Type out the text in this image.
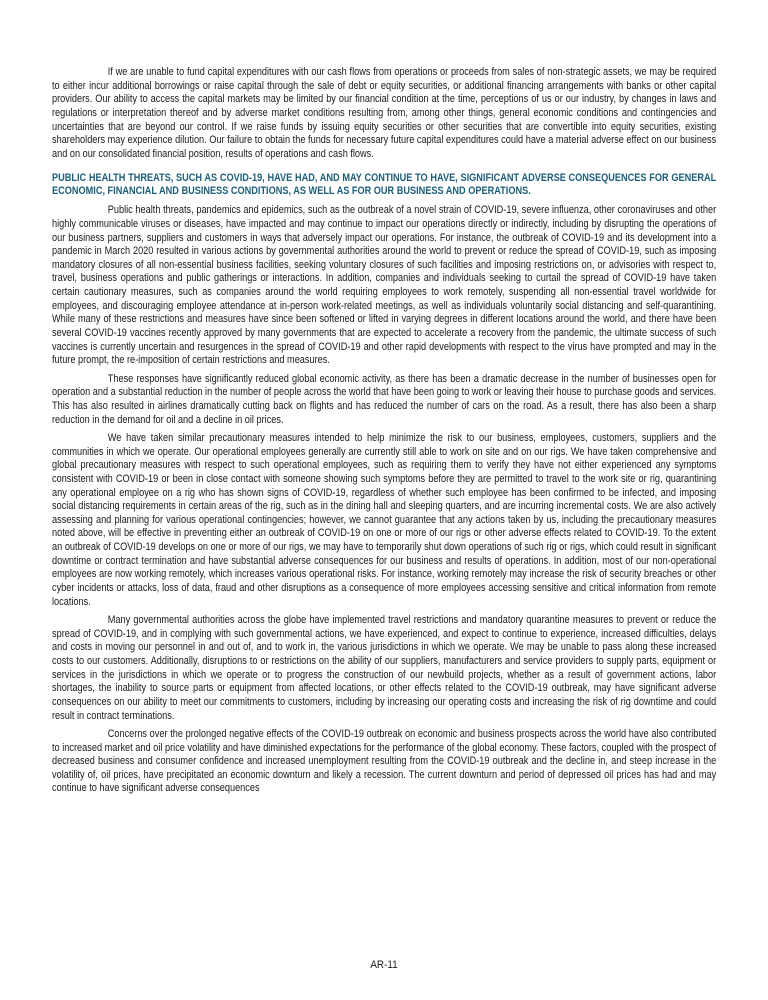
If we are unable to fund capital expenditures with our cash flows from operations or proceeds from sales of non-strategic assets, we may be required to either incur additional borrowings or raise capital through the sale of debt or equity securities, or additional financing arrangements with banks or other capital providers. Our ability to access the capital markets may be limited by our financial condition at the time, perceptions of us or our industry, by changes in laws and regulations or interpretation thereof and by adverse market conditions resulting from, among other things, general economic conditions and contingencies and uncertainties that are beyond our control. If we raise funds by issuing equity securities or other securities that are convertible into equity securities, existing shareholders may experience dilution. Our failure to obtain the funds for necessary future capital expenditures could have a material adverse effect on our business and on our consolidated financial position, results of operations and cash flows.

PUBLIC HEALTH THREATS, SUCH AS COVID-19, HAVE HAD, AND MAY CONTINUE TO HAVE, SIGNIFICANT ADVERSE CONSEQUENCES FOR GENERAL ECONOMIC, FINANCIAL AND BUSINESS CONDITIONS, AS WELL AS FOR OUR BUSINESS AND OPERATIONS.

Public health threats, pandemics and epidemics, such as the outbreak of a novel strain of COVID-19, severe influenza, other coronaviruses and other highly communicable viruses or diseases, have impacted and may continue to impact our operations directly or indirectly, including by disrupting the operations of our business partners, suppliers and customers in ways that adversely impact our operations. For instance, the outbreak of COVID-19 and its development into a pandemic in March 2020 resulted in various actions by governmental authorities around the world to prevent or reduce the spread of COVID-19, such as imposing mandatory closures of all non-essential business facilities, seeking voluntary closures of such facilities and imposing restrictions on, or advisories with respect to, travel, business operations and public gatherings or interactions. In addition, companies and individuals seeking to curtail the spread of COVID-19 have taken certain cautionary measures, such as companies around the world requiring employees to work remotely, suspending all non-essential travel worldwide for employees, and discouraging employee attendance at in-person work-related meetings, as well as individuals voluntarily social distancing and self-quarantining. While many of these restrictions and measures have since been softened or lifted in varying degrees in different locations around the world, and there have been several COVID-19 vaccines recently approved by many governments that are expected to accelerate a recovery from the pandemic, the ultimate success of such vaccines is currently uncertain and resurgences in the spread of COVID-19 and other rapid developments with respect to the virus have prompted and may in the future prompt, the re-imposition of certain restrictions and measures.

These responses have significantly reduced global economic activity, as there has been a dramatic decrease in the number of businesses open for operation and a substantial reduction in the number of people across the world that have been going to work or leaving their house to purchase goods and services. This has also resulted in airlines dramatically cutting back on flights and has reduced the number of cars on the road. As a result, there has also been a sharp reduction in the demand for oil and a decline in oil prices.

We have taken similar precautionary measures intended to help minimize the risk to our business, employees, customers, suppliers and the communities in which we operate. Our operational employees generally are currently still able to work on site and on our rigs. We have taken comprehensive and global precautionary measures with respect to such operational employees, such as requiring them to verify they have not either experienced any symptoms consistent with COVID-19 or been in close contact with someone showing such symptoms before they are permitted to travel to the work site or rig, quarantining any operational employee on a rig who has shown signs of COVID-19, regardless of whether such employee has been confirmed to be infected, and imposing social distancing requirements in certain areas of the rig, such as in the dining hall and sleeping quarters, and are incurring incremental costs. We are also actively assessing and planning for various operational contingencies; however, we cannot guarantee that any actions taken by us, including the precautionary measures noted above, will be effective in preventing either an outbreak of COVID-19 on one or more of our rigs or other adverse effects related to COVID-19. To the extent an outbreak of COVID-19 develops on one or more of our rigs, we may have to temporarily shut down operations of such rig or rigs, which could result in significant downtime or contract termination and have substantial adverse consequences for our business and results of operations. In addition, most of our non-operational employees are now working remotely, which increases various operational risks. For instance, working remotely may increase the risk of security breaches or other cyber incidents or attacks, loss of data, fraud and other disruptions as a consequence of more employees accessing sensitive and critical information from remote locations.

Many governmental authorities across the globe have implemented travel restrictions and mandatory quarantine measures to prevent or reduce the spread of COVID-19, and in complying with such governmental actions, we have experienced, and expect to continue to experience, increased difficulties, delays and costs in moving our personnel in and out of, and to work in, the various jurisdictions in which we operate. We may be unable to pass along these increased costs to our customers. Additionally, disruptions to or restrictions on the ability of our suppliers, manufacturers and service providers to supply parts, equipment or services in the jurisdictions in which we operate or to progress the construction of our newbuild projects, whether as a result of government actions, labor shortages, the inability to source parts or equipment from affected locations, or other effects related to the COVID-19 outbreak, may have significant adverse consequences on our ability to meet our commitments to customers, including by increasing our operating costs and increasing the risk of rig downtime and could result in contract terminations.

Concerns over the prolonged negative effects of the COVID-19 outbreak on economic and business prospects across the world have also contributed to increased market and oil price volatility and have diminished expectations for the performance of the global economy. These factors, coupled with the prospect of decreased business and consumer confidence and increased unemployment resulting from the COVID-19 outbreak and the decline in, and steep increase in the volatility of, oil prices, have precipitated an economic downturn and likely a recession. The current downturn and period of depressed oil prices has had and may continue to have significant adverse consequences

AR-11
